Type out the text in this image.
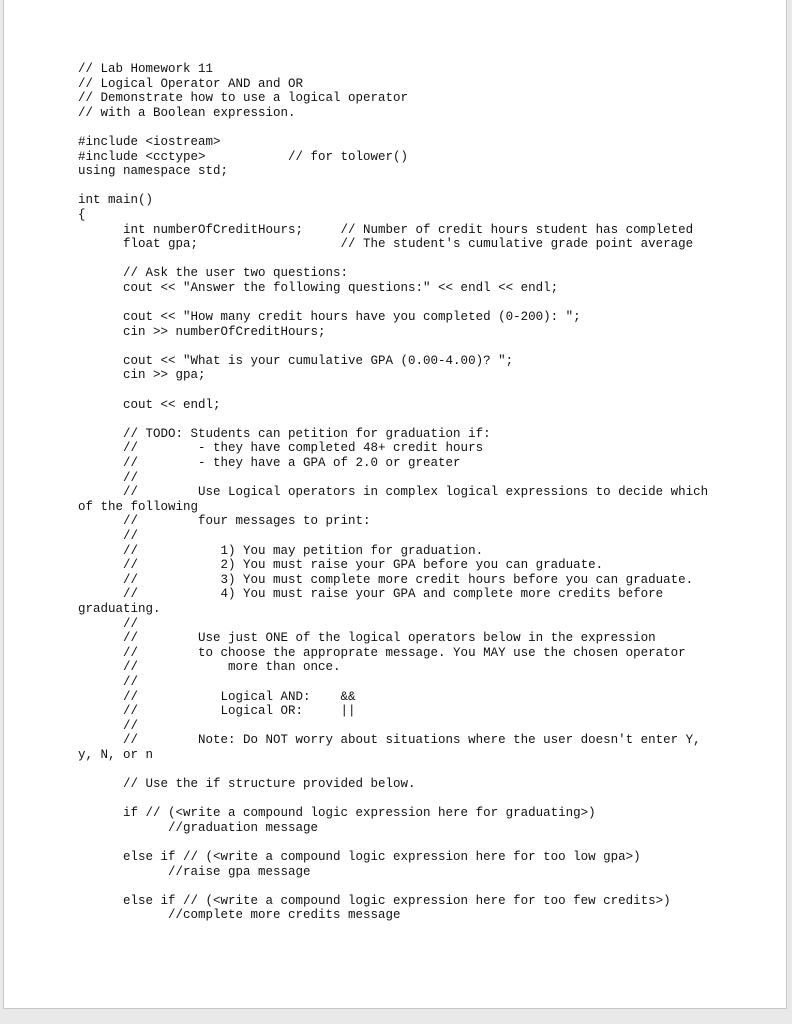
// Lab Homework 11
// Logical Operator AND and OR
// Demonstrate how to use a logical operator
// with a Boolean expression.

#include <iostream>
#include <cctype>           // for tolower()
using namespace std;

int main()
{
int numberOfCreditHours;     // Number of credit hours student has completed
float gpa;                   // The student's cumulative grade point average

// Ask the user two questions:
cout << "Answer the following questions:" << endl << endl;

cout << "How many credit hours have you completed (0-200): ";
cin >> numberOfCreditHours;

cout << "What is your cumulative GPA (0.00-4.00)? ";
cin >> gpa;

cout << endl;

// TODO: Students can petition for graduation if:
//        - they have completed 48+ credit hours
//        - they have a GPA of 2.0 or greater
//
//        Use Logical operators in complex logical expressions to decide which
of the following
//        four messages to print:
//
//           1) You may petition for graduation.
//           2) You must raise your GPA before you can graduate.
//           3) You must complete more credit hours before you can graduate.
//           4) You must raise your GPA and complete more credits before
graduating.
//
//        Use just ONE of the logical operators below in the expression
//        to choose the approprate message. You MAY use the chosen operator
//            more than once.
//
//           Logical AND:    &&
//           Logical OR:     ||
//
//        Note: Do NOT worry about situations where the user doesn't enter Y,
y, N, or n

// Use the if structure provided below.

if // (<write a compound logic expression here for graduating>)
//graduation message

else if // (<write a compound logic expression here for too low gpa>)
//raise gpa message

else if // (<write a compound logic expression here for too few credits>)
//complete more credits message
